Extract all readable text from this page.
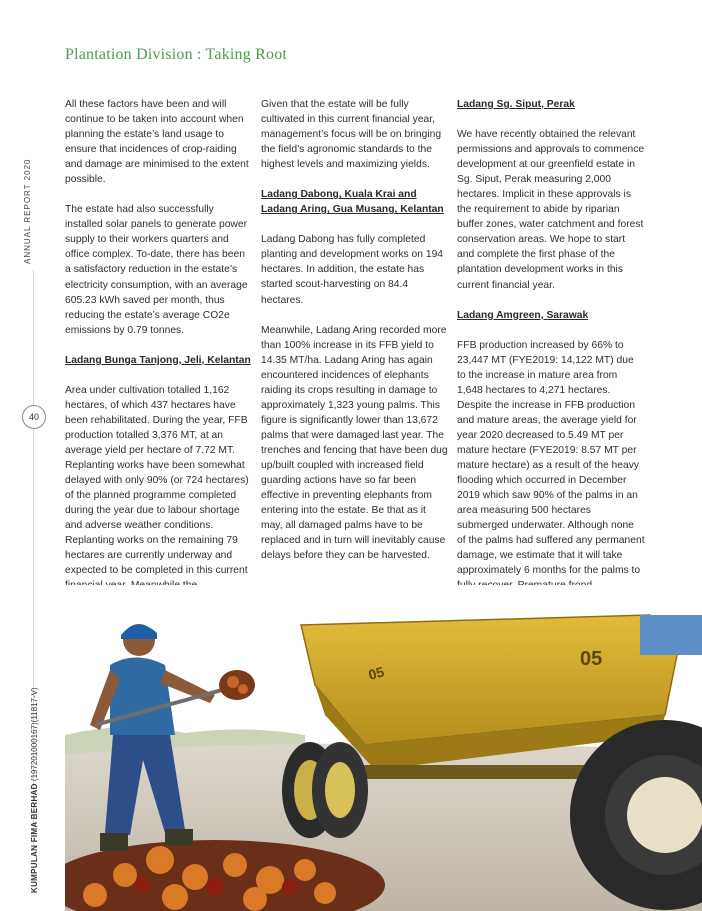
Plantation Division : Taking Root
ANNUAL REPORT 2020
40
KUMPULAN FIMA BERHAD (197201000167)(11817-V)

All these factors have been and will continue to be taken into account when planning the estate’s land usage to ensure that incidences of crop-raiding and damage are minimised to the extent possible.

The estate had also successfully installed solar panels to generate power supply to their workers quarters and office complex. To-date, there has been a satisfactory reduction in the estate’s electricity consumption, with an average 605.23 kWh saved per month, thus reducing the estate’s average CO2e emissions by 0.79 tonnes.

Ladang Bunga Tanjong, Jeli, Kelantan

Area under cultivation totalled 1,162 hectares, of which 437 hectares have been rehabilitated. During the year, FFB production totalled 3,376 MT, at an average yield per hectare of 7.72 MT. Replanting works have been somewhat delayed with only 90% (or 724 hectares) of the planned programme completed during the year due to labour shortage and adverse weather conditions. Replanting works on the remaining 79 hectares are currently underway and expected to be completed in this current

Given that the estate will be fully cultivated in this current financial year, management’s focus will be on bringing the field’s agronomic standards to the highest levels and maximizing yields.

Ladang Dabong, Kuala Krai and Ladang Aring, Gua Musang, Kelantan

Ladang Dabong has fully completed planting and development works on 194 hectares. In addition, the estate has started scout-harvesting on 84.4 hectares.

Meanwhile, Ladang Aring recorded more than 100% increase in its FFB yield to 14.35 MT/ha. Ladang Aring has again encountered incidences of elephants raiding its crops resulting in damage to approximately 1,323 young palms. This figure is significantly lower than 13,672 palms that were damaged last year. The trenches and fencing that have been dug up/built coupled with increased field guarding actions have so far been effective in preventing elephants from entering into the estate. Be that as it may, all damaged palms have to be replaced and in turn will inevitably cause delays before they can be harvested.

Ladang Sg. Siput, Perak

We have recently obtained the relevant permissions and approvals to commence development at our greenfield estate in Sg. Siput, Perak measuring 2,000 hectares. Implicit in these approvals is the requirement to abide by riparian buffer zones, water catchment and forest conservation areas. We hope to start and complete the first phase of the plantation development works in this current financial year.

Ladang Amgreen, Sarawak

FFB production increased by 66% to 23,447 MT (FYE2019: 14,122 MT) due to the increase in mature area from 1,648 hectares to 4,271 hectares. Despite the increase in FFB production and mature areas, the average yield for year 2020 decreased to 5.49 MT per mature hectare (FYE2019: 8.57 MT per mature hectare) as a result of the heavy flooding which occurred in December 2019 which saw 90% of the palms in an area measuring 500 hectares submerged underwater. Although none of the palms had suffered any permanent damage, we estimate that it will take approximately 6 months for the palms to

05
05
